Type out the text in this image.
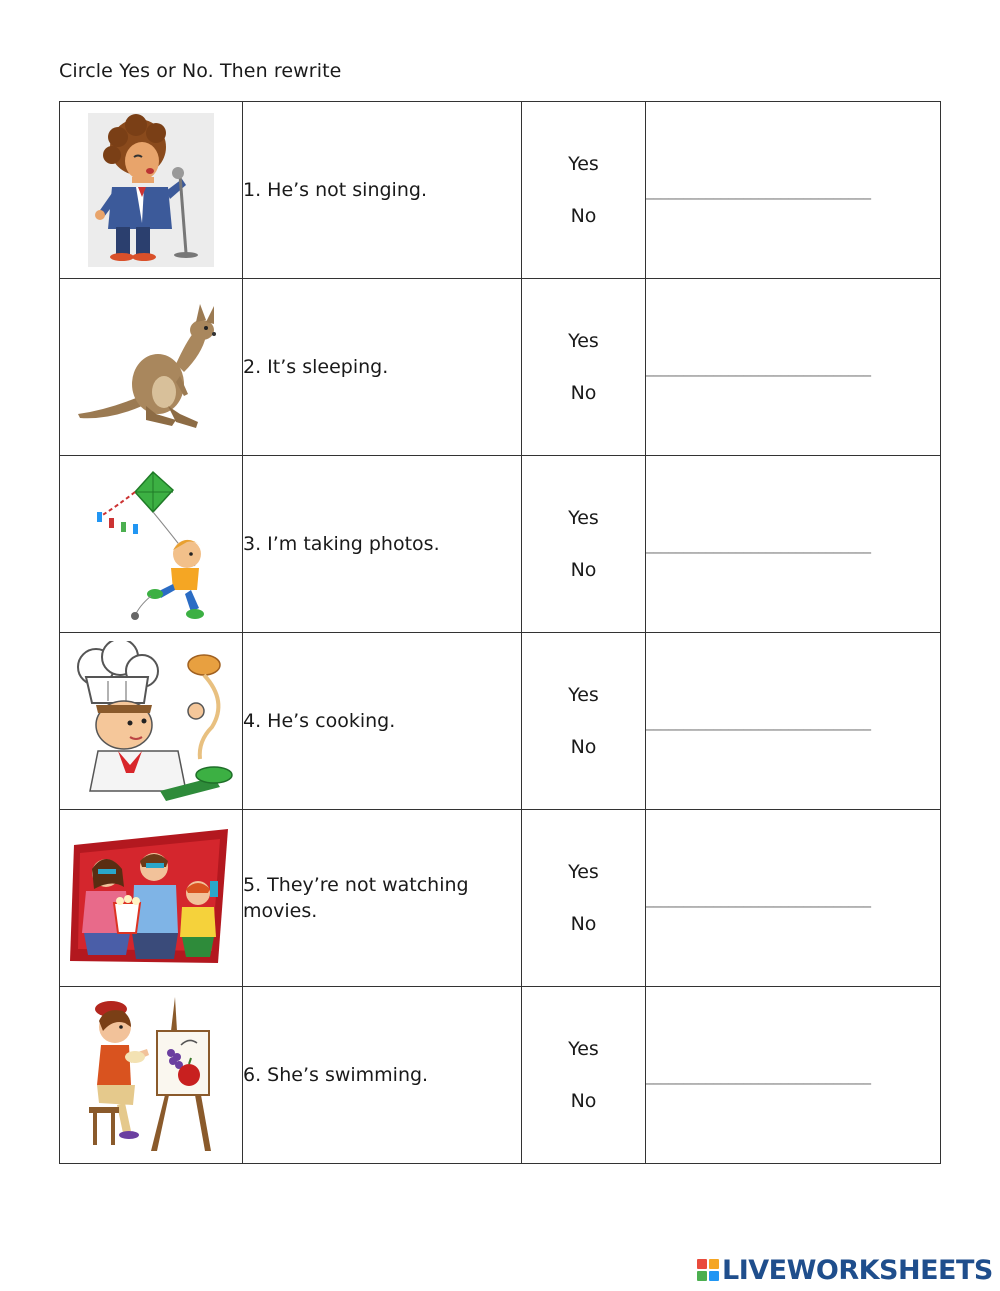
Circle Yes or No. Then rewrite
	1. He’s not singing.	Yes
No
	______________________________

	2. It’s sleeping.	Yes
No
	______________________________

	3. I’m taking photos.	Yes
No
	______________________________

	4. He’s cooking.	Yes
No
	______________________________

	5. They’re not watching movies.	Yes
No
	______________________________

	6. She’s swimming.	Yes
No
	______________________________
LIVEWORKSHEETS
